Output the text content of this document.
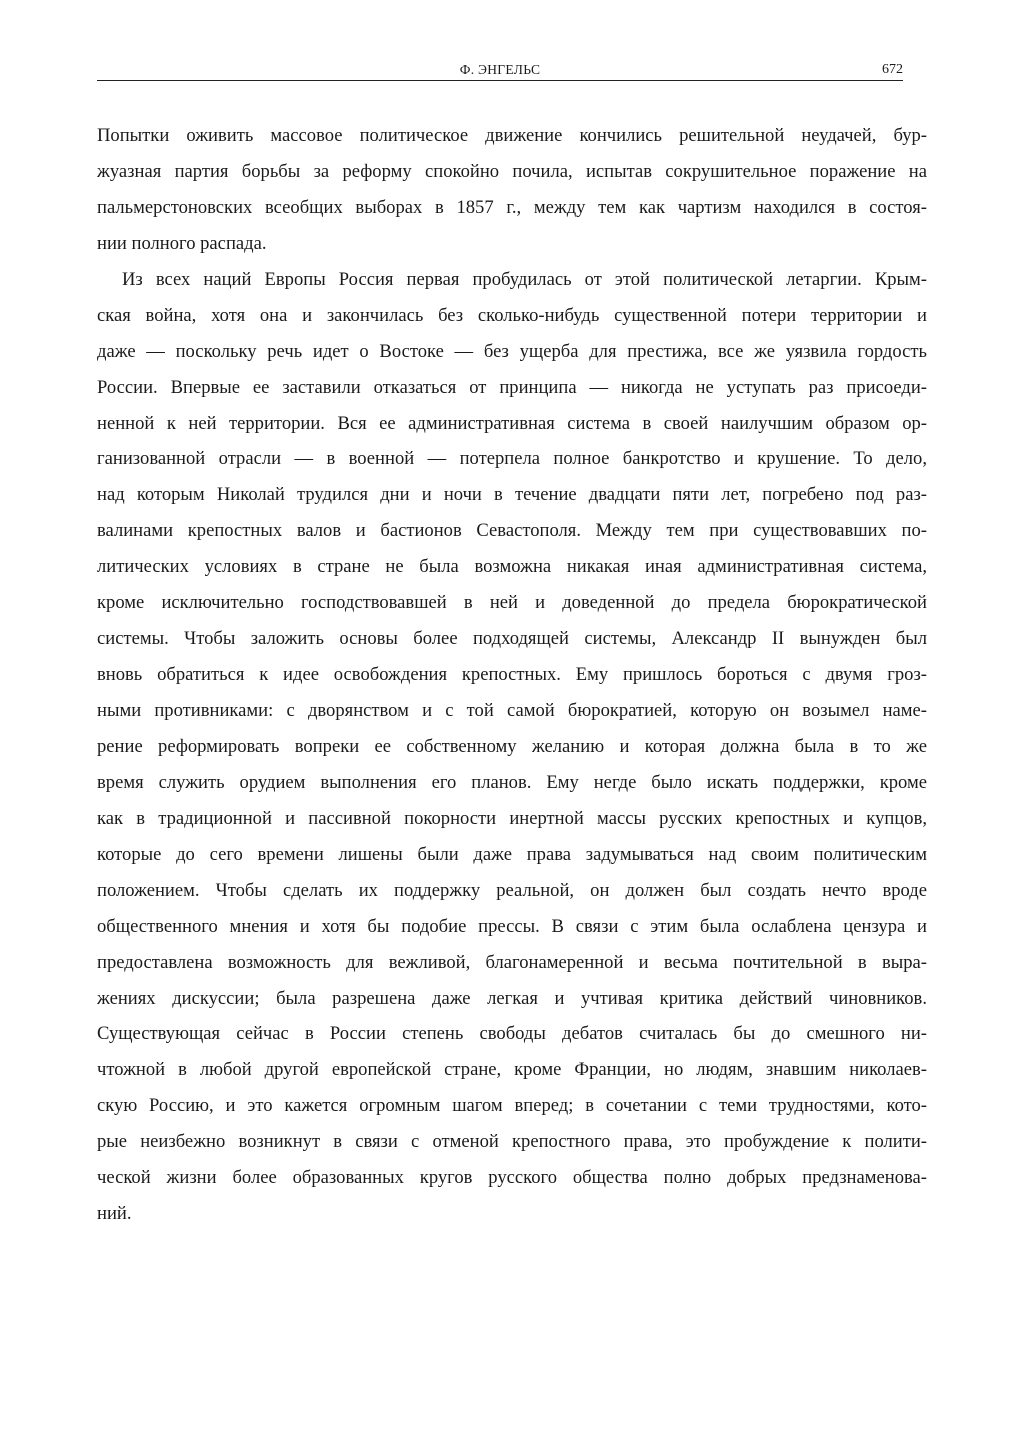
Ф. ЭНГЕЛЬС	672
Попытки оживить массовое политическое движение кончились решительной неудачей, бур-
жуазная партия борьбы за реформу спокойно почила, испытав сокрушительное поражение на
пальмерстоновских всеобщих выборах в 1857 г., между тем как чартизм находился в состоя-
нии полного распада.
Из всех наций Европы Россия первая пробудилась от этой политической летаргии. Крым-
ская война, хотя она и закончилась без сколько-нибудь существенной потери территории и
даже — поскольку речь идет о Востоке — без ущерба для престижа, все же уязвила гордость
России. Впервые ее заставили отказаться от принципа — никогда не уступать раз присоеди-
ненной к ней территории. Вся ее административная система в своей наилучшим образом ор-
ганизованной отрасли — в военной — потерпела полное банкротство и крушение. То дело,
над которым Николай трудился дни и ночи в течение двадцати пяти лет, погребено под раз-
валинами крепостных валов и бастионов Севастополя. Между тем при существовавших по-
литических условиях в стране не была возможна никакая иная административная система,
кроме исключительно господствовавшей в ней и доведенной до предела бюрократической
системы. Чтобы заложить основы более подходящей системы, Александр II вынужден был
вновь обратиться к идее освобождения крепостных. Ему пришлось бороться с двумя гроз-
ными противниками: с дворянством и с той самой бюрократией, которую он возымел наме-
рение реформировать вопреки ее собственному желанию и которая должна была в то же
время служить орудием выполнения его планов. Ему негде было искать поддержки, кроме
как в традиционной и пассивной покорности инертной массы русских крепостных и купцов,
которые до сего времени лишены были даже права задумываться над своим политическим
положением. Чтобы сделать их поддержку реальной, он должен был создать нечто вроде
общественного мнения и хотя бы подобие прессы. В связи с этим была ослаблена цензура и
предоставлена возможность для вежливой, благонамеренной и весьма почтительной в выра-
жениях дискуссии; была разрешена даже легкая и учтивая критика действий чиновников.
Существующая сейчас в России степень свободы дебатов считалась бы до смешного ни-
чтожной в любой другой европейской стране, кроме Франции, но людям, знавшим николаев-
скую Россию, и это кажется огромным шагом вперед; в сочетании с теми трудностями, кото-
рые неизбежно возникнут в связи с отменой крепостного права, это пробуждение к полити-
ческой жизни более образованных кругов русского общества полно добрых предзнаменова-
ний.
